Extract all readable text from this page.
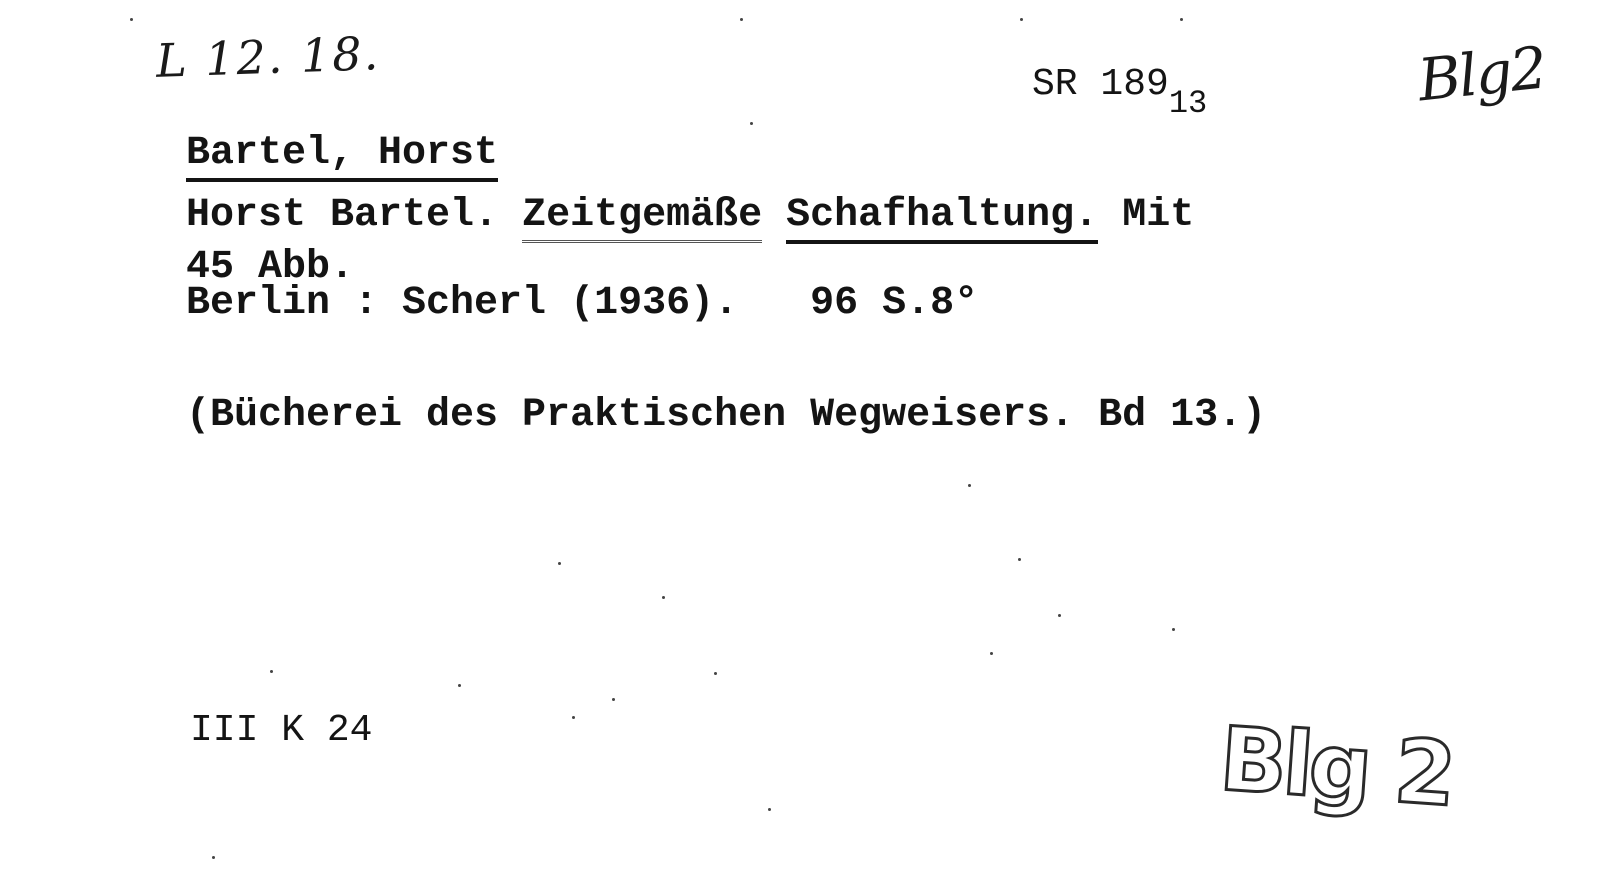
L 12. 18.	SR $189_{13}$	Blg2
Bartel, Horst
Horst Bartel. Zeitgemäße Schafhaltung. Mit
45 Abb.
Berlin : Scherl (1936).   96 S.8°
(Bücherei des Praktischen Wegweisers. Bd 13.)
III K 24	Blg 2
